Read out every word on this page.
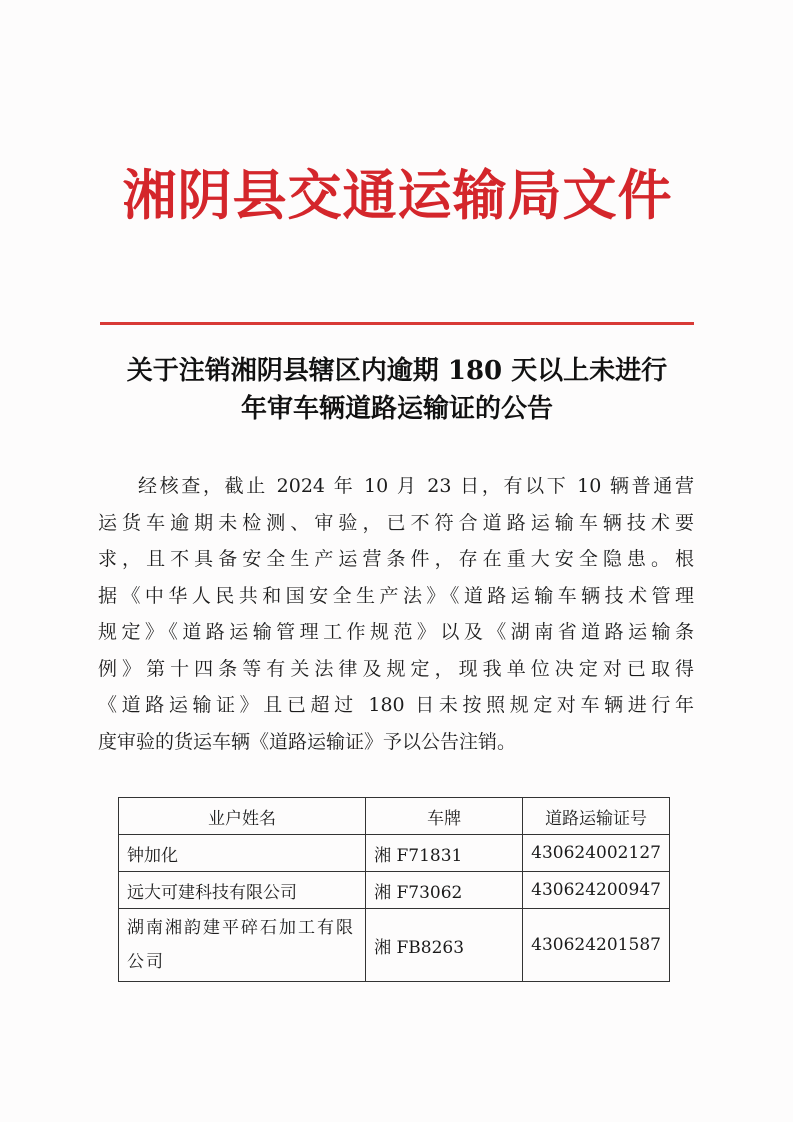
湘阴县交通运输局文件
关于注销湘阴县辖区内逾期 180 天以上未进行
年审车辆道路运输证的公告
经核查，截止 2024 年 10 月 23 日，有以下 10 辆普通营
运货车逾期未检测、审验，已不符合道路运输车辆技术要
求，且不具备安全生产运营条件，存在重大安全隐患。根
据《中华人民共和国安全生产法》《道路运输车辆技术管理
规定》《道路运输管理工作规范》以及《湖南省道路运输条
例》第十四条等有关法律及规定，现我单位决定对已取得
《道路运输证》且已超过 180 日未按照规定对车辆进行年
度审验的货运车辆《道路运输证》予以公告注销。
业户姓名	车牌	道路运输证号
钟加化	湘 F71831	430624002127
远大可建科技有限公司	湘 F73062	430624200947

湖南湘韵建平碎石加工有限公司	湘 FB8263	430624201587
